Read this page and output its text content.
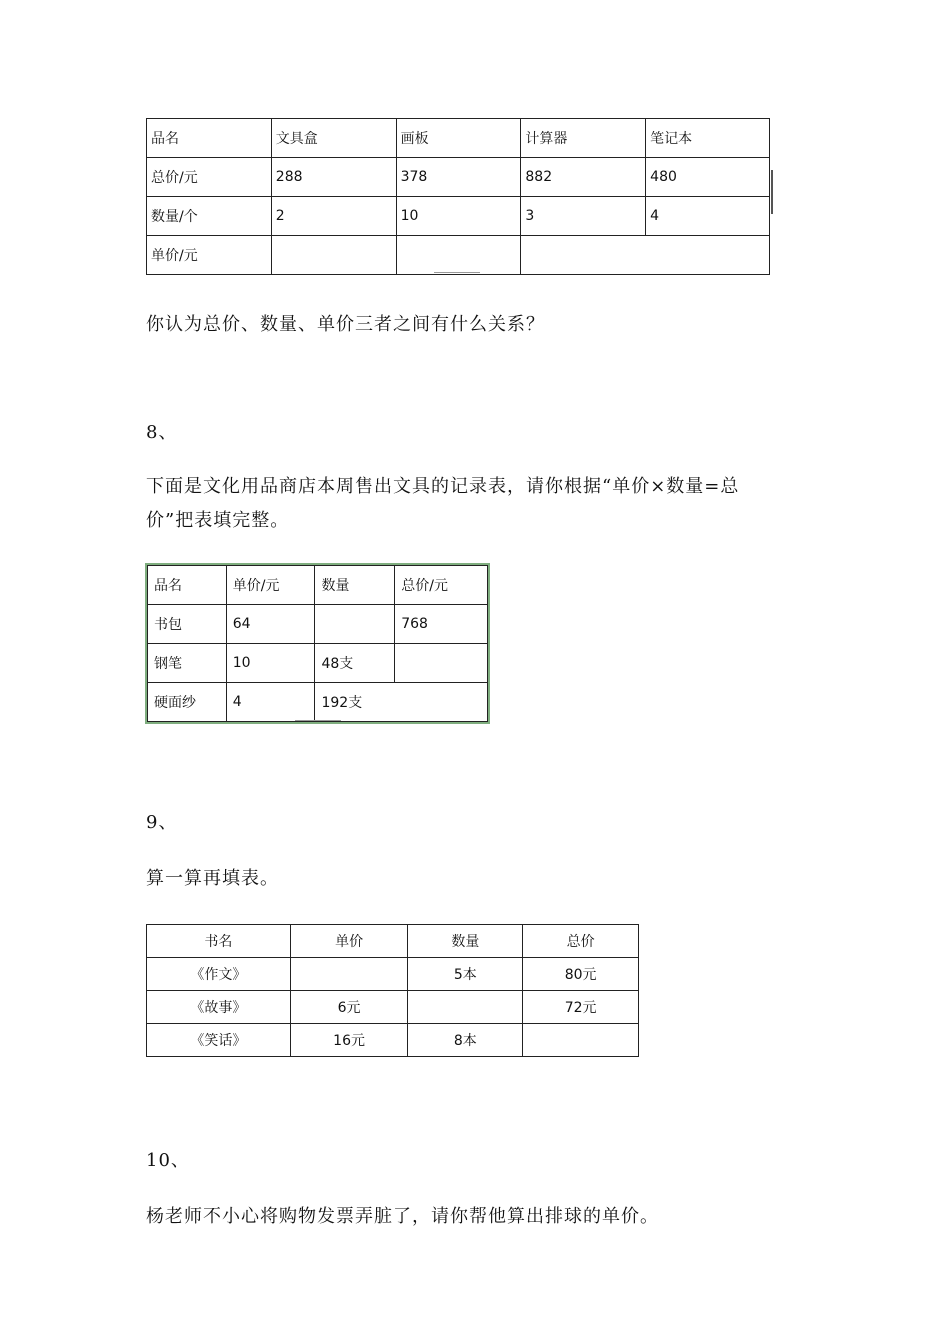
品名	文具盒	画板	计算器	笔记本
总价/元	288	378	882	480
数量/个	2	10	3	4
单价/元				
你认为总价、数量、单价三者之间有什么关系？
8、
下面是文化用品商店本周售出文具的记录表，请你根据“单价×数量=总
价”把表填完整。
品名	单价/元	数量	总价/元
书包	64		768
钢笔	10	48支	
硬面纱	4	192支	
9、
算一算再填表。
书名	单价	数量	总价
《作文》		5本	80元
《故事》	6元		72元
《笑话》	16元	8本	
10、
杨老师不小心将购物发票弄脏了，请你帮他算出排球的单价。
